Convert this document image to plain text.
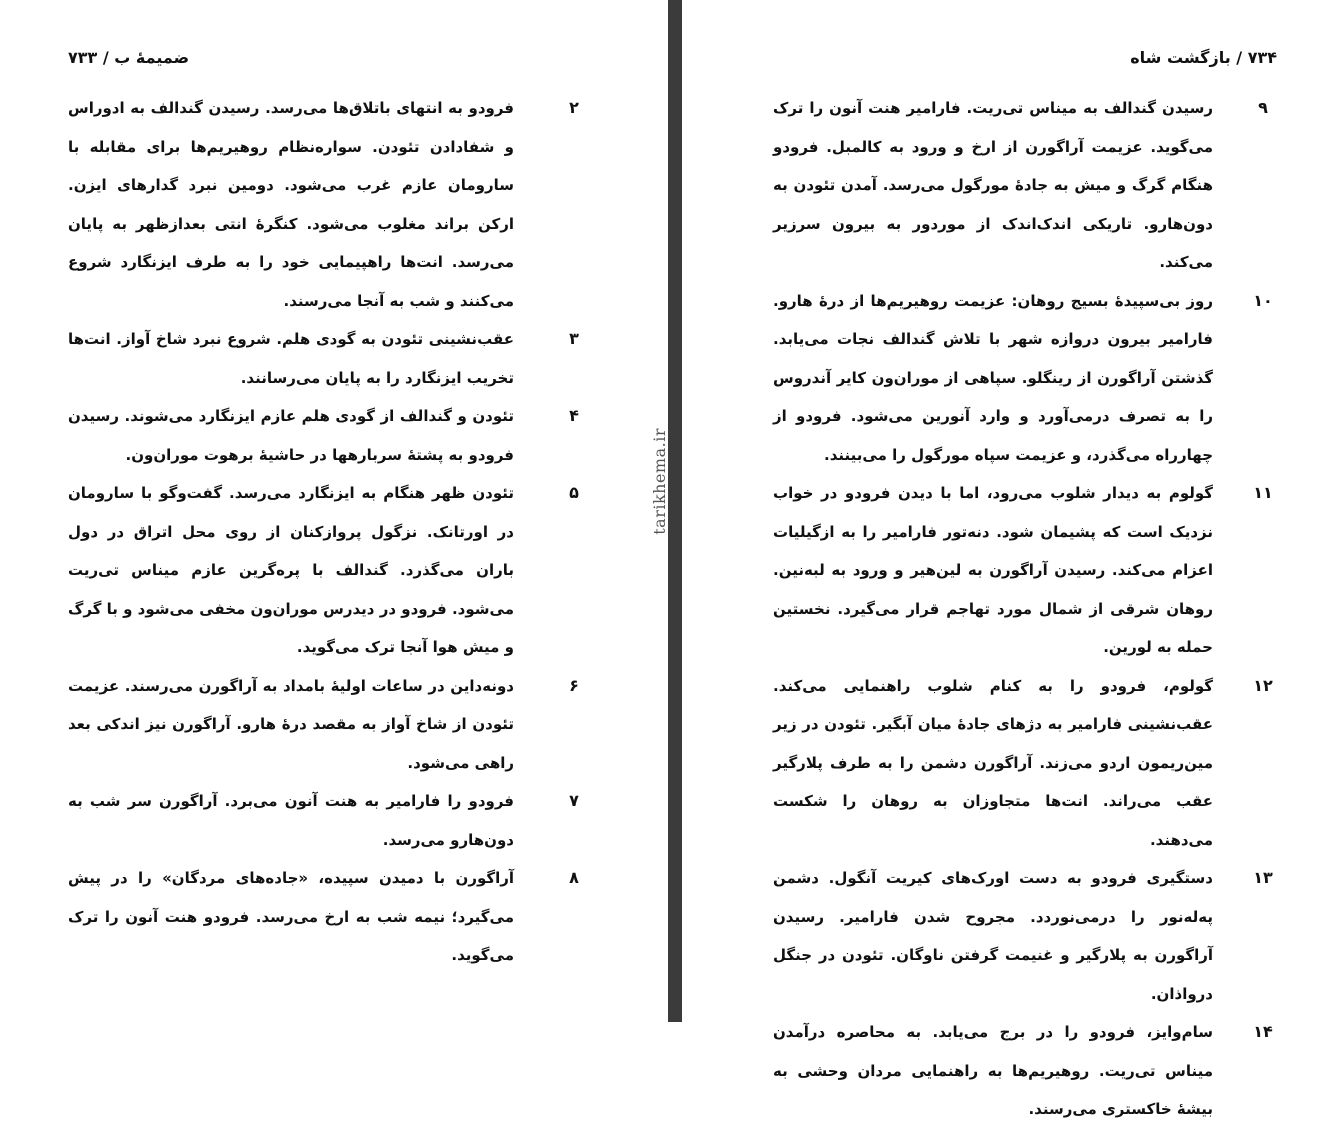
ضمیمهٔ ب / ۷۳۳
۲
فرودو به انتهای باتلاق‌ها می‌رسد. رسیدن گندالف به ادوراس و شفادادن تئودن. سواره‌نظام روهیریم‌ها برای مقابله با سارومان عازم غرب می‌شود. دومین نبرد گدارهای ایزن. ارکن براند مغلوب می‌شود. کنگرهٔ انتی بعدازظهر به پایان می‌رسد. انت‌ها راهپیمایی خود را به طرف ایزنگارد شروع می‌کنند و شب به آنجا می‌رسند.
۳
عقب‌نشینی تئودن به گودی هلم. شروع نبرد شاخ آواز. انت‌ها تخریب ایزنگارد را به پایان می‌رسانند.
۴
تئودن و گندالف از گودی هلم عازم ایزنگارد می‌شوند. رسیدن فرودو به پشتهٔ سربارهها در حاشیهٔ برهوت موران‌ون.
۵
تئودن ظهر هنگام به ایزنگارد می‌رسد. گفت‌وگو با سارومان در اورتانک. نزگول پروازکنان از روی محل اتراق در دول باران می‌گذرد. گندالف با پره‌گرین عازم میناس تی‌ریت می‌شود. فرودو در دیدرس موران‌ون مخفی می‌شود و با گرگ و میش هوا آنجا ترک می‌گوید.
۶
دونه‌داین در ساعات اولیهٔ بامداد به آراگورن می‌رسند. عزیمت تئودن از شاخ آواز به مقصد درهٔ هارو. آراگورن نیز اندکی بعد راهی می‌شود.
۷
فرودو را فارامیر به هنت آنون می‌برد. آراگورن سر شب به دون‌هارو می‌رسد.
۸
آراگورن با دمیدن سپیده، «جاده‌های مردگان» را در پیش می‌گیرد؛ نیمه شب به ارخ می‌رسد. فرودو هنت آنون را ترک می‌گوید.
tarikhema.ir
۷۳۴ / بازگشت شاه
۹
رسیدن گندالف به میناس تی‌ریت. فارامیر هنت آنون را ترک می‌گوید. عزیمت آراگورن از ارخ و ورود به کالمبل. فرودو هنگام گرگ و میش به جادهٔ مورگول می‌رسد. آمدن تئودن به دون‌هارو. تاریکی اندک‌اندک از موردور به بیرون سرزیر می‌کند.
۱۰
روز بی‌سپیدهٔ بسیج روهان: عزیمت روهیریم‌ها از درهٔ هارو. فارامیر بیرون دروازه شهر با تلاش گندالف نجات می‌یابد. گذشتن آراگورن از رینگلو. سپاهی از موران‌ون کایر آندروس را به تصرف درمی‌آورد و وارد آنورین می‌شود. فرودو از چهارراه می‌گذرد، و عزیمت سپاه مورگول را می‌بینند.
۱۱
گولوم به دیدار شلوب می‌رود، اما با دیدن فرودو در خواب نزدیک است که پشیمان شود. دنه‌تور فارامیر را به ازگیلیات اعزام می‌کند. رسیدن آراگورن به لین‌هیر و ورود به لبه‌نین. روهان شرقی از شمال مورد تهاجم قرار می‌گیرد. نخستین حمله به لورین.
۱۲
گولوم، فرودو را به کنام شلوب راهنمایی می‌کند. عقب‌نشینی فارامیر به دژهای جادهٔ میان آبگیر. تئودن در زیر مین‌ریمون اردو می‌زند. آراگورن دشمن را به طرف پلارگیر عقب می‌راند. انت‌ها متجاوزان به روهان را شکست می‌دهند.
۱۳
دستگیری فرودو به دست اورک‌های کیریت آنگول. دشمن په‌له‌نور را درمی‌نوردد. مجروح شدن فارامیر. رسیدن آراگورن به پلارگیر و غنیمت گرفتن ناوگان. تئودن در جنگل درواذان.
۱۴
سام‌وایز، فرودو را در برج می‌یابد. به محاصره درآمدن میناس تی‌ریت. روهیریم‌ها به راهنمایی مردان وحشی به بیشهٔ خاکستری می‌رسند.
